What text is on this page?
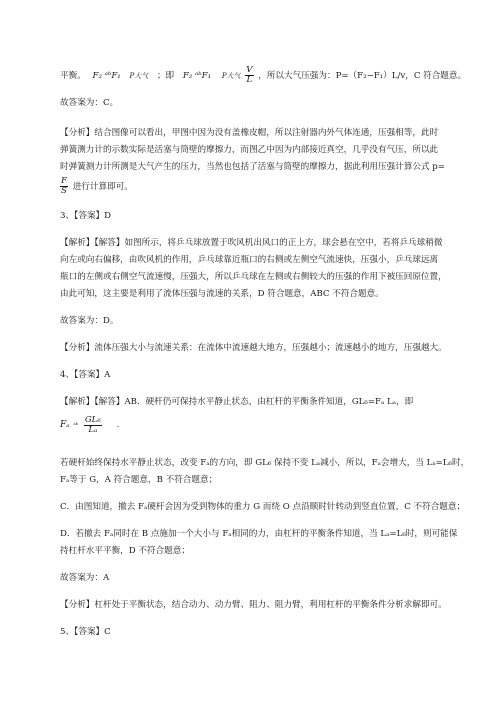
平衡。 F₂ ᵃᵇF₁ P大气 ；即 F₂ ᵃᵇF₁ P大气 $\frac{V}{L}$ ，所以大气压强为：P=（F₂−F₁）L/v，C 符合题意。
故答案为：C。
【分析】结合图像可以看出，甲图中因为没有盖橡皮帽，所以注射器内外气体连通，压强相等，此时
弹簧测力计的示数实际是活塞与筒壁的摩擦力，而图乙中因为内部接近真空，几乎没有气压，所以此
时弹簧测力计所测是大气产生的压力，当然也包括了活塞与筒壁的摩擦力，据此利用压强计算公式 p=
$\frac{F}{S}$ 进行计算即可。
3、【答案】D
【解析】【解答】如图所示，将乒乓球放置于吹风机出风口的正上方，球会悬在空中，若将乒乓球稍微
向左或向右偏移，由吹风机的作用，乒乓球靠近瓶口的右侧或左侧空气流速快，压强小，乒乓球远离
瓶口的左侧或右侧空气流速慢，压强大，所以乒乓球在左侧或右侧较大的压强的作用下被压回原位置，
由此可知，这主要是利用了流体压强与流速的关系，D 符合题意，ABC 不符合题意。
故答案为：D。
【分析】流体压强大小与流速关系：在流体中流速越大地方，压强越小；流速越小的地方，压强越大。
4、【答案】A
【解析】【解答】AB．硬杆仍可保持水平静止状态，由杠杆的平衡条件知道，GL₆=Fₐ Lₐ，即
Fₐ ᵃᵇ $\frac{\text{GL₆}}{\text{Lₐ}}$ .
若硬杆始终保持水平静止状态，改变 Fₐ的方向，即 GL₆ 保持不变 Lₐ减小，所以，Fₐ会增大，当 Lₐ=L₆时，
Fₐ等于 G，A 符合题意，B 不符合题意；
C．由图知道，撤去 Fₐ硬杆会因为受到物体的重力 G 而绕 O 点沿顺时针转动到竖直位置，C 不符合题意；
D．若撤去 Fₐ同时在 B 点施加一个大小与 Fₐ相同的力，由杠杆的平衡条件知道，当 Lₐ=L₆时，则可能保
持杠杆水平平衡，D 不符合题意；
故答案为：A
【分析】杠杆处于平衡状态，结合动力、动力臂、阻力、阻力臂，利用杠杆的平衡条件分析求解即可。
5、【答案】C
